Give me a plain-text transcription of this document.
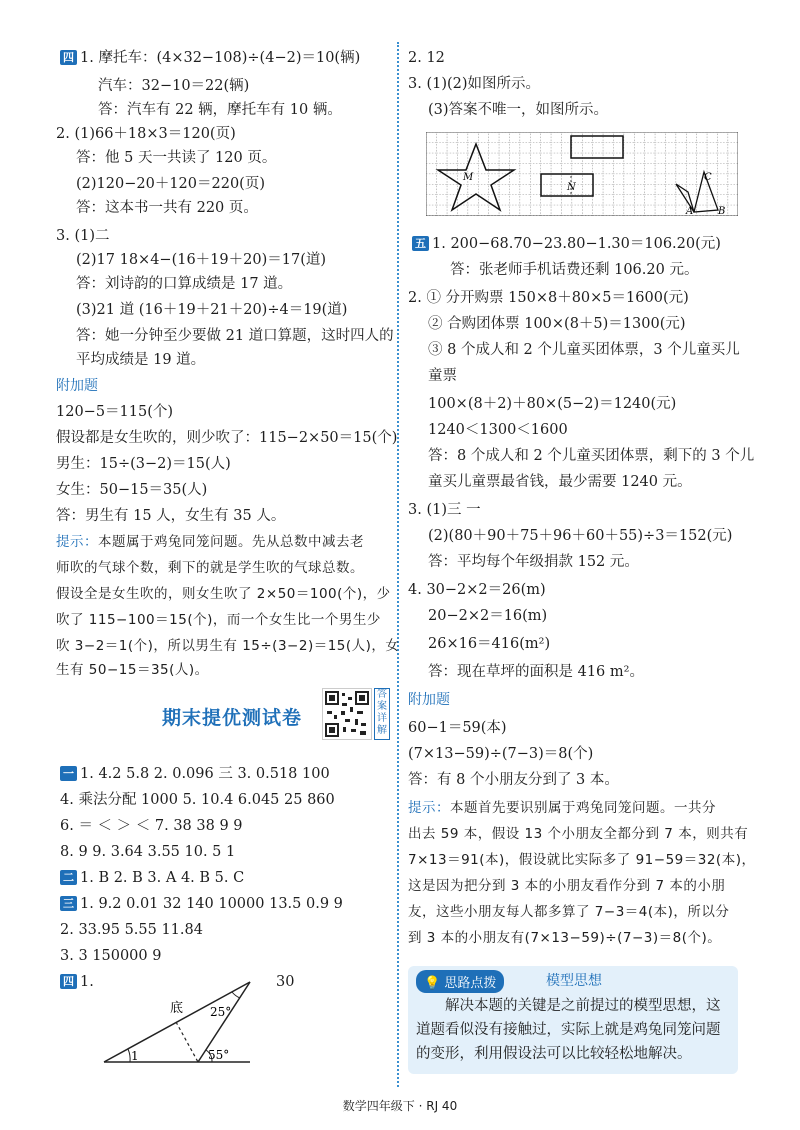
四 1. 摩托车：(4×32−108)÷(4−2)＝10(辆)
汽车：32−10＝22(辆)
答：汽车有 22 辆，摩托车有 10 辆。
2. (1)66＋18×3＝120(页)
答：他 5 天一共读了 120 页。
(2)120−20＋120＝220(页)
答：这本书一共有 220 页。
3. (1)二
(2)17 18×4−(16＋19＋20)＝17(道)
答：刘诗韵的口算成绩是 17 道。
(3)21 道 (16＋19＋21＋20)÷4＝19(道)
答：她一分钟至少要做 21 道口算题，这时四人的
平均成绩是 19 道。
附加题
120−5＝115(个)
假设都是女生吹的，则少吹了：115−2×50＝15(个)
男生：15÷(3−2)＝15(人)
女生：50−15＝35(人)
答：男生有 15 人，女生有 35 人。
提示：本题属于鸡兔同笼问题。先从总数中减去老
师吹的气球个数，剩下的就是学生吹的气球总数。
假设全是女生吹的，则女生吹了 2×50＝100(个)，少
吹了 115−100＝15(个)，而一个女生比一个男生少
吹 3−2＝1(个)，所以男生有 15÷(3−2)＝15(人)，女
生有 50−15＝35(人)。
期末提优测试卷
答案详解
一 1. 4.2 5.8 2. 0.096 三 3. 0.518 100
4. 乘法分配 1000 5. 10.4 6.045 25 860
6. ＝ ＜ ＞ ＜ 7. 38 38 9 9
8. 9 9. 3.64 3.55 10. 5 1
二 1. B 2. B 3. A 4. B 5. C
三 1. 9.2 0.01 32 140 10000 13.5 0.9 9
2. 33.95 5.55 11.84
3. 3 150000 9
四 1.	30
底 25°
55°
1
2. 12
3. (1)(2)如图所示。
(3)答案不唯一，如图所示。
M
N
A B
C
五 1. 200−68.70−23.80−1.30＝106.20(元)
答：张老师手机话费还剩 106.20 元。
2. ① 分开购票 150×8＋80×5＝1600(元)
② 合购团体票 100×(8＋5)＝1300(元)
③ 8 个成人和 2 个儿童买团体票，3 个儿童买儿
童票
100×(8＋2)＋80×(5−2)＝1240(元)
1240＜1300＜1600
答：8 个成人和 2 个儿童买团体票，剩下的 3 个儿
童买儿童票最省钱，最少需要 1240 元。
3. (1)三 一
(2)(80＋90＋75＋96＋60＋55)÷3＝152(元)
答：平均每个年级捐款 152 元。
4. 30−2×2＝26(m)
20−2×2＝16(m)
26×16＝416(m²)
答：现在草坪的面积是 416 m²。
附加题
60−1＝59(本)
(7×13−59)÷(7−3)＝8(个)
答：有 8 个小朋友分到了 3 本。
提示：本题首先要识别属于鸡兔同笼问题。一共分
出去 59 本，假设 13 个小朋友全都分到 7 本，则共有
7×13＝91(本)，假设就比实际多了 91−59＝32(本)，
这是因为把分到 3 本的小朋友看作分到 7 本的小朋
友，这些小朋友每人都多算了 7−3＝4(本)，所以分
到 3 本的小朋友有(7×13−59)÷(7−3)＝8(个)。
💡 思路点拨	模型思想
解决本题的关键是之前提过的模型思想，这道题看似没有接触过，实际上就是鸡兔同笼问题的变形，利用假设法可以比较轻松地解决。
数学四年级下 · RJ 40
